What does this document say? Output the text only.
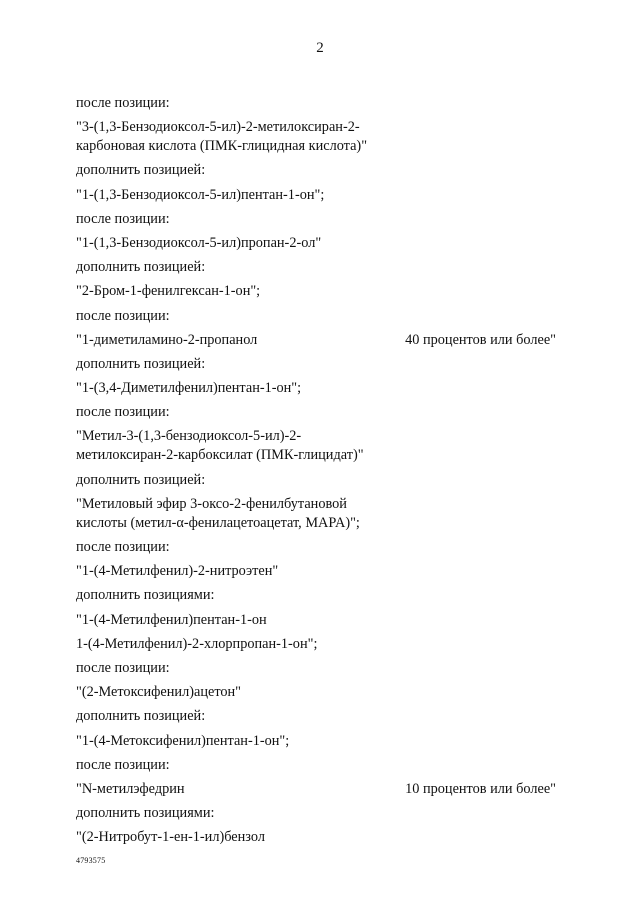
2
после позиции:
"3-(1,3-Бензодиоксол-5-ил)-2-метилоксиран-2-
карбоновая кислота (ПМК-глицидная кислота)"
дополнить позицией:
"1-(1,3-Бензодиоксол-5-ил)пентан-1-он";
после позиции:
"1-(1,3-Бензодиоксол-5-ил)пропан-2-ол"
дополнить позицией:
"2-Бром-1-фенилгексан-1-он";
после позиции:
"1-диметиламино-2-пропанол	40 процентов или более"
дополнить позицией:
"1-(3,4-Диметилфенил)пентан-1-он";
после позиции:
"Метил-3-(1,3-бензодиоксол-5-ил)-2-
метилоксиран-2-карбоксилат (ПМК-глицидат)"
дополнить позицией:
"Метиловый эфир 3-оксо-2-фенилбутановой
кислоты (метил-α-фенилацетоацетат, MAPA)";
после позиции:
"1-(4-Метилфенил)-2-нитроэтен"
дополнить позициями:
"1-(4-Метилфенил)пентан-1-он
1-(4-Метилфенил)-2-хлорпропан-1-он";
после позиции:
"(2-Метоксифенил)ацетон"
дополнить позицией:
"1-(4-Метоксифенил)пентан-1-он";
после позиции:
"N-метилэфедрин	10 процентов или более"
дополнить позициями:
"(2-Нитробут-1-ен-1-ил)бензол
4793575
